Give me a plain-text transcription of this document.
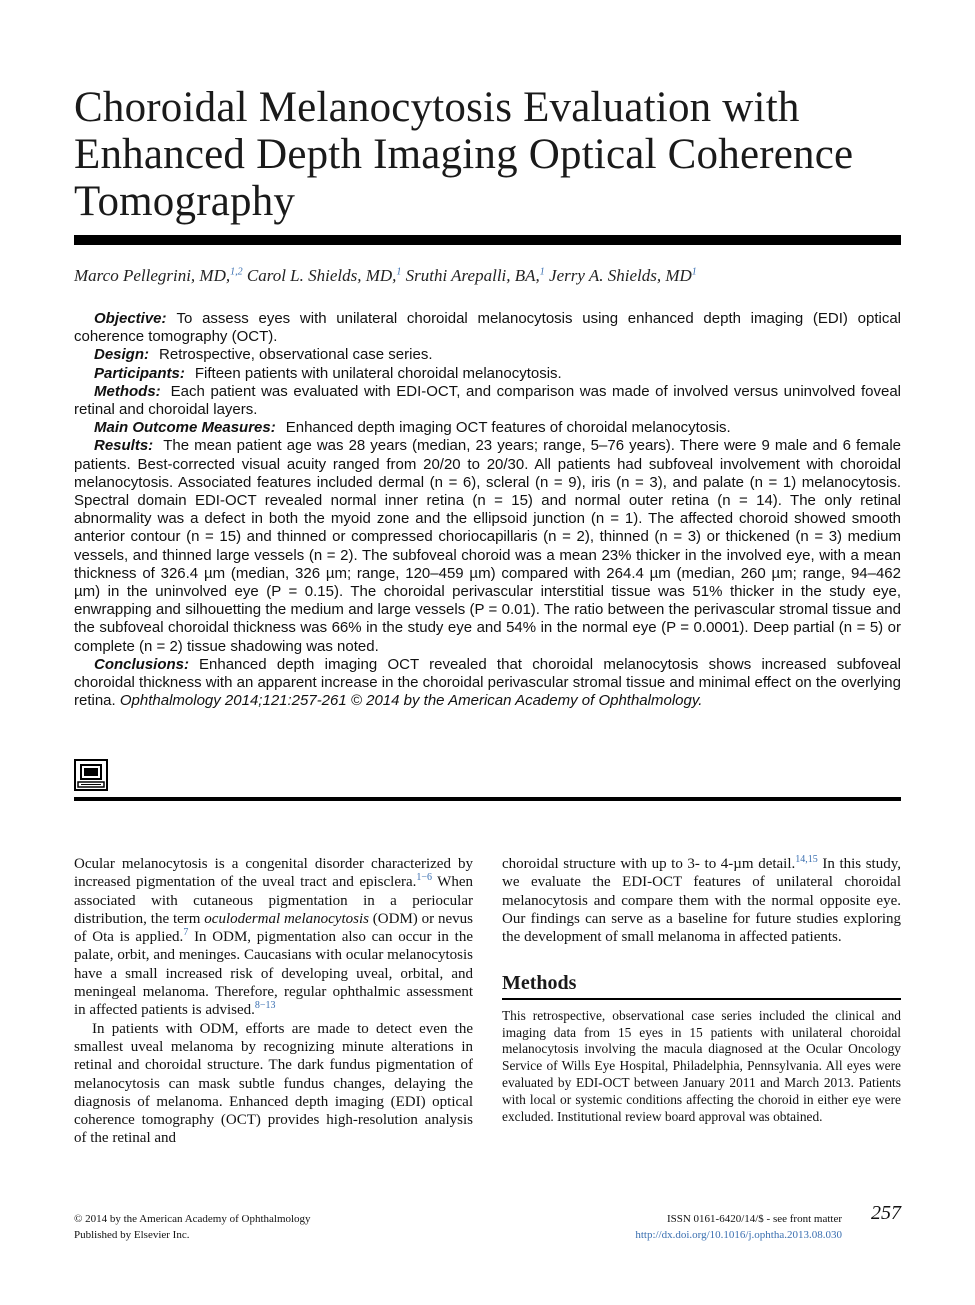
Choroidal Melanocytosis Evaluation with Enhanced Depth Imaging Optical Coherence Tomography
Marco Pellegrini, MD,$^{1,2}$ Carol L. Shields, MD,$^1$ Sruthi Arepalli, BA,$^1$ Jerry A. Shields, $MD^1$

Objective: To assess eyes with unilateral choroidal melanocytosis using enhanced depth imaging (EDI) optical coherence tomography (OCT).

Design: Retrospective, observational case series.

Participants: Fifteen patients with unilateral choroidal melanocytosis.

Methods: Each patient was evaluated with EDI-OCT, and comparison was made of involved versus uninvolved foveal retinal and choroidal layers.

Main Outcome Measures: Enhanced depth imaging OCT features of choroidal melanocytosis.

Results: The mean patient age was 28 years (median, 23 years; range, 5–76 years). There were 9 male and 6 female patients. Best-corrected visual acuity ranged from 20/20 to 20/30. All patients had subfoveal involvement with choroidal melanocytosis. Associated features included dermal (n = 6), scleral (n = 9), iris (n = 3), and palate (n = 1) melanocytosis. Spectral domain EDI-OCT revealed normal inner retina (n = 15) and normal outer retina (n = 14). The only retinal abnormality was a defect in both the myoid zone and the ellipsoid junction (n = 1). The affected choroid showed smooth anterior contour (n = 15) and thinned or compressed choriocapillaris (n = 2), thinned (n = 3) or thickened (n = 3) medium vessels, and thinned large vessels (n = 2). The subfoveal choroid was a mean 23% thicker in the involved eye, with a mean thickness of 326.4 µm (median, 326 µm; range, 120–459 µm) compared with 264.4 µm (median, 260 µm; range, 94–462 µm) in the uninvolved eye (P = 0.15). The choroidal perivascular interstitial tissue was 51% thicker in the study eye, enwrapping and silhouetting the medium and large vessels (P = 0.01). The ratio between the perivascular stromal tissue and the subfoveal choroidal thickness was 66% in the study eye and 54% in the normal eye (P = 0.0001). Deep partial (n = 5) or complete (n = 2) tissue shadowing was noted.

Conclusions: Enhanced depth imaging OCT revealed that choroidal melanocytosis shows increased subfoveal choroidal thickness with an apparent increase in the choroidal perivascular stromal tissue and minimal effect on the overlying retina. Ophthalmology 2014;121:257-261 © 2014 by the American Academy of Ophthalmology.

Ocular melanocytosis is a congenital disorder characterized by increased pigmentation of the uveal tract and episclera.$^{1-6}$ When associated with cutaneous pigmentation in a periocular distribution, the term oculodermal melanocytosis (ODM) or nevus of Ota is applied.$^7$ In ODM, pigmentation also can occur in the palate, orbit, and meninges. Caucasians with ocular melanocytosis have a small increased risk of developing uveal, orbital, and meningeal melanoma. Therefore, regular ophthalmic assessment in affected patients is advised.$^{8-13}$

In patients with ODM, efforts are made to detect even the smallest uveal melanoma by recognizing minute alterations in retinal and choroidal structure. The dark fundus pigmentation of melanocytosis can mask subtle fundus changes, delaying the diagnosis of melanoma. Enhanced depth imaging (EDI) optical coherence tomography (OCT) provides high-resolution analysis of the retinal and

choroidal structure with up to 3- to 4-µm detail.$^{14,15}$ In this study, we evaluate the EDI-OCT features of unilateral choroidal melanocytosis and compare them with the normal opposite eye. Our findings can serve as a baseline for future studies exploring the development of small melanoma in affected patients.

Methods

This retrospective, observational case series included the clinical and imaging data from 15 eyes in 15 patients with unilateral choroidal melanocytosis involving the macula diagnosed at the Ocular Oncology Service of Wills Eye Hospital, Philadelphia, Pennsylvania. All eyes were evaluated by EDI-OCT between January 2011 and March 2013. Patients with local or systemic conditions affecting the choroid in either eye were excluded. Institutional review board approval was obtained.

© 2014 by the American Academy of Ophthalmology
Published by Elsevier Inc.
ISSN 0161-6420/14/$ - see front matter
http://dx.doi.org/10.1016/j.ophtha.2013.08.030
257
